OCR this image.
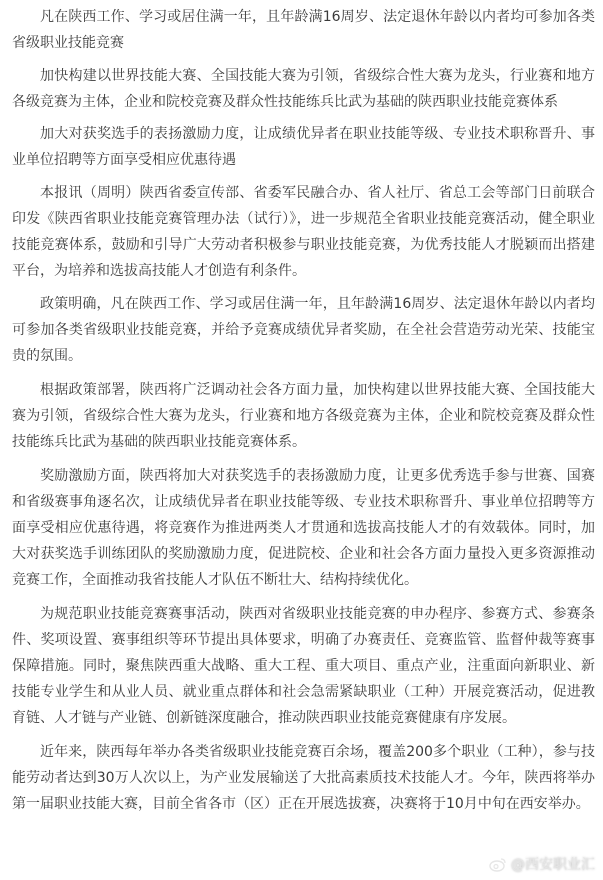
凡在陕西工作、学习或居住满一年，且年龄满16周岁、法定退休年龄以内者均可参加各类省级职业技能竞赛

加快构建以世界技能大赛、全国技能大赛为引领，省级综合性大赛为龙头，行业赛和地方各级竞赛为主体，企业和院校竞赛及群众性技能练兵比武为基础的陕西职业技能竞赛体系

加大对获奖选手的表扬激励力度，让成绩优异者在职业技能等级、专业技术职称晋升、事业单位招聘等方面享受相应优惠待遇

本报讯（周明）陕西省委宣传部、省委军民融合办、省人社厅、省总工会等部门日前联合印发《陕西省职业技能竞赛管理办法（试行）》，进一步规范全省职业技能竞赛活动，健全职业技能竞赛体系，鼓励和引导广大劳动者积极参与职业技能竞赛，为优秀技能人才脱颖而出搭建平台，为培养和选拔高技能人才创造有利条件。

政策明确，凡在陕西工作、学习或居住满一年，且年龄满16周岁、法定退休年龄以内者均可参加各类省级职业技能竞赛，并给予竞赛成绩优异者奖励，在全社会营造劳动光荣、技能宝贵的氛围。

根据政策部署，陕西将广泛调动社会各方面力量，加快构建以世界技能大赛、全国技能大赛为引领，省级综合性大赛为龙头，行业赛和地方各级竞赛为主体，企业和院校竞赛及群众性技能练兵比武为基础的陕西职业技能竞赛体系。

奖励激励方面，陕西将加大对获奖选手的表扬激励力度，让更多优秀选手参与世赛、国赛和省级赛事角逐名次，让成绩优异者在职业技能等级、专业技术职称晋升、事业单位招聘等方面享受相应优惠待遇，将竞赛作为推进两类人才贯通和选拔高技能人才的有效载体。同时，加大对获奖选手训练团队的奖励激励力度，促进院校、企业和社会各方面力量投入更多资源推动竞赛工作，全面推动我省技能人才队伍不断壮大、结构持续优化。

为规范职业技能竞赛赛事活动，陕西对省级职业技能竞赛的申办程序、参赛方式、参赛条件、奖项设置、赛事组织等环节提出具体要求，明确了办赛责任、竞赛监管、监督仲裁等赛事保障措施。同时，聚焦陕西重大战略、重大工程、重大项目、重点产业，注重面向新职业、新技能专业学生和从业人员、就业重点群体和社会急需紧缺职业（工种）开展竞赛活动，促进教育链、人才链与产业链、创新链深度融合，推动陕西职业技能竞赛健康有序发展。

近年来，陕西每年举办各类省级职业技能竞赛百余场，覆盖200多个职业（工种），参与技能劳动者达到30万人次以上，为产业发展输送了大批高素质技术技能人才。今年，陕西将举办第一届职业技能大赛，目前全省各市（区）正在开展选拔赛，决赛将于10月中旬在西安举办。

@西安职业汇
